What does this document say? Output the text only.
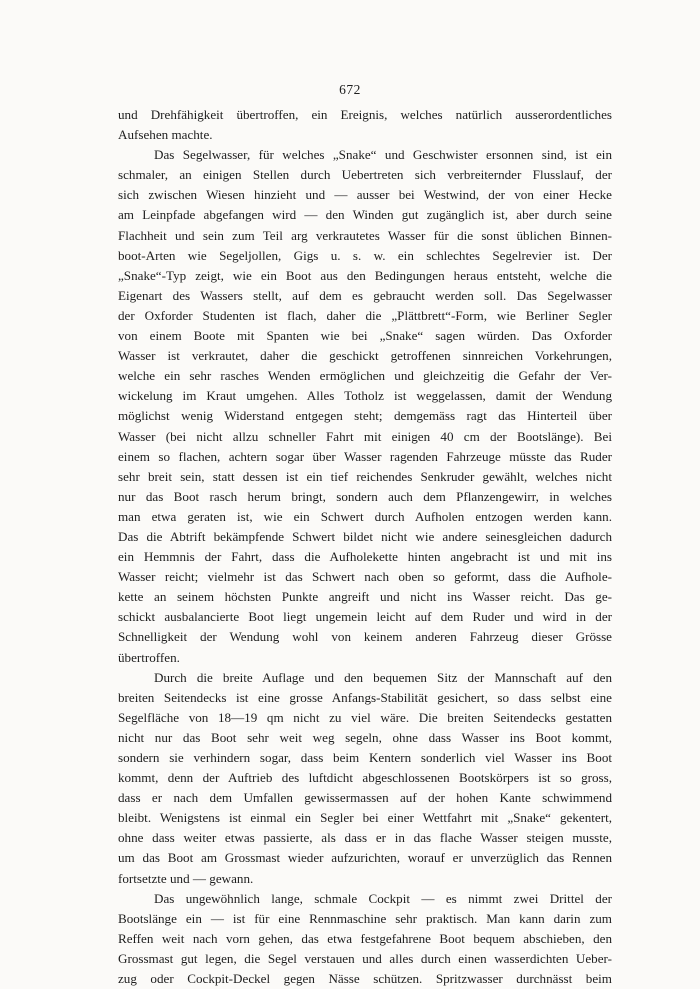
672
und Drehfähigkeit übertroffen, ein Ereignis, welches natürlich ausserordentliches
Aufsehen machte.
Das Segelwasser, für welches „Snake“ und Geschwister ersonnen sind, ist ein
schmaler, an einigen Stellen durch Uebertreten sich verbreiternder Flusslauf, der
sich zwischen Wiesen hinzieht und — ausser bei Westwind, der von einer Hecke
am Leinpfade abgefangen wird — den Winden gut zugänglich ist, aber durch seine
Flachheit und sein zum Teil arg verkrautetes Wasser für die sonst üblichen Binnen-
boot-Arten wie Segeljollen, Gigs u. s. w. ein schlechtes Segelrevier ist. Der
„Snake“-Typ zeigt, wie ein Boot aus den Bedingungen heraus entsteht, welche die
Eigenart des Wassers stellt, auf dem es gebraucht werden soll. Das Segelwasser
der Oxforder Studenten ist flach, daher die „Plättbrett“-Form, wie Berliner Segler
von einem Boote mit Spanten wie bei „Snake“ sagen würden. Das Oxforder
Wasser ist verkrautet, daher die geschickt getroffenen sinnreichen Vorkehrungen,
welche ein sehr rasches Wenden ermöglichen und gleichzeitig die Gefahr der Ver-
wickelung im Kraut umgehen. Alles Totholz ist weggelassen, damit der Wendung
möglichst wenig Widerstand entgegen steht; demgemäss ragt das Hinterteil über
Wasser (bei nicht allzu schneller Fahrt mit einigen 40 cm der Bootslänge). Bei
einem so flachen, achtern sogar über Wasser ragenden Fahrzeuge müsste das Ruder
sehr breit sein, statt dessen ist ein tief reichendes Senkruder gewählt, welches nicht
nur das Boot rasch herum bringt, sondern auch dem Pflanzengewirr, in welches
man etwa geraten ist, wie ein Schwert durch Aufholen entzogen werden kann.
Das die Abtrift bekämpfende Schwert bildet nicht wie andere seinesgleichen dadurch
ein Hemmnis der Fahrt, dass die Aufholekette hinten angebracht ist und mit ins
Wasser reicht; vielmehr ist das Schwert nach oben so geformt, dass die Aufhole-
kette an seinem höchsten Punkte angreift und nicht ins Wasser reicht. Das ge-
schickt ausbalancierte Boot liegt ungemein leicht auf dem Ruder und wird in der
Schnelligkeit der Wendung wohl von keinem anderen Fahrzeug dieser Grösse
übertroffen.
Durch die breite Auflage und den bequemen Sitz der Mannschaft auf den
breiten Seitendecks ist eine grosse Anfangs-Stabilität gesichert, so dass selbst eine
Segelfläche von 18—19 qm nicht zu viel wäre. Die breiten Seitendecks gestatten
nicht nur das Boot sehr weit weg segeln, ohne dass Wasser ins Boot kommt,
sondern sie verhindern sogar, dass beim Kentern sonderlich viel Wasser ins Boot
kommt, denn der Auftrieb des luftdicht abgeschlossenen Bootskörpers ist so gross,
dass er nach dem Umfallen gewissermassen auf der hohen Kante schwimmend
bleibt. Wenigstens ist einmal ein Segler bei einer Wettfahrt mit „Snake“ gekentert,
ohne dass weiter etwas passierte, als dass er in das flache Wasser steigen musste,
um das Boot am Grossmast wieder aufzurichten, worauf er unverzüglich das Rennen
fortsetzte und — gewann.
Das ungewöhnlich lange, schmale Cockpit — es nimmt zwei Drittel der
Bootslänge ein — ist für eine Rennmaschine sehr praktisch. Man kann darin zum
Reffen weit nach vorn gehen, das etwa festgefahrene Boot bequem abschieben, den
Grossmast gut legen, die Segel verstauen und alles durch einen wasserdichten Ueber-
zug oder Cockpit-Deckel gegen Nässe schützen. Spritzwasser durchnässt beim
